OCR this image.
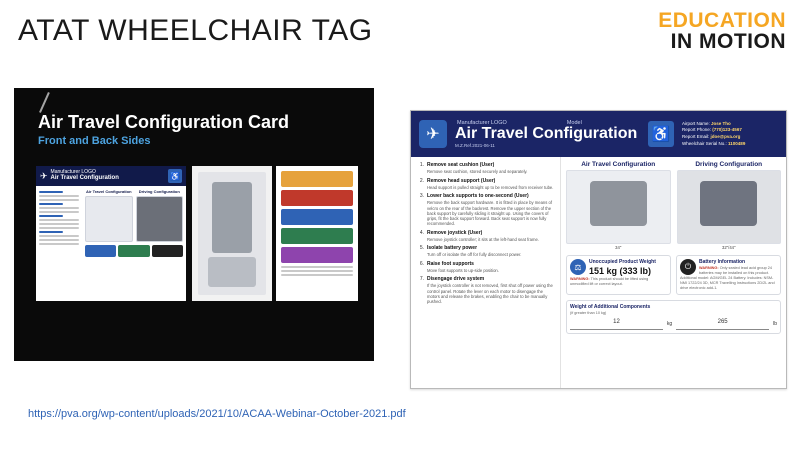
ATAT WHEELCHAIR TAG	EDUCATION
IN MOTION
Air Travel Configuration Card
Front and Back Sides
✈ Manufacturer LOGO
Air Travel Configuration	♿
Air Travel Configuration	Driving Configuration
✈
Manufacturer LOGO	Model
Air Travel Configuration
M.Z.Ref.2021-06-11
♿
Airport Name: Jose Tho
Report Phone: (770)123-4567
Report Email: jdoe@pva.org
Wheelchair Serial No.: 1100489
1. Remove seat cushion (User)
Remove seat cushion, stored securely and separately.
2. Remove head support (User)
Head support is pulled straight up to be removed from receiver tube.
3. Lower back supports to one-second (User)
Remove the back support hardware. It is fitted in place by means of velcro on the rear of the backrest. Remove the upper section of the back support by carefully sliding it straight up. Using the covers of grips, fit the back support forward. Back seat support is now fully recommended.
4. Remove joystick (User)
Remove joystick controller; it sits at the left-hand seat frame.
5. Isolate battery power
Turn off or isolate the off for fully disconnect power.
6. Raise foot supports
Move foot supports to up-side position.
7. Disengage drive system
If the joystick controller is not removed, first shut off power using the control panel. Rotate the lever on each motor to disengage the motors and release the brakes, enabling the chair to be manually pushed.
Air Travel Configuration
34"
Driving Configuration
32"/44"
⚖
Unoccupied Product Weight
151 kg (333 lb)
WARNING: This product should be lifted using unmodified lift or correct layout.
⏻	Battery Information
WARNING: Only sealed lead acid group 24 batteries may be installed on this product. Additional model: AGM/GEL 24 Battery. Includes: NSM-NMI 1722/24 3D, MCR Travelling Instructions 2D/2L and drive electronic add-1.
Weight of Additional Components
(if greater than 10 kg)
12	kg	265	lb
https://pva.org/wp-content/uploads/2021/10/ACAA-Webinar-October-2021.pdf
